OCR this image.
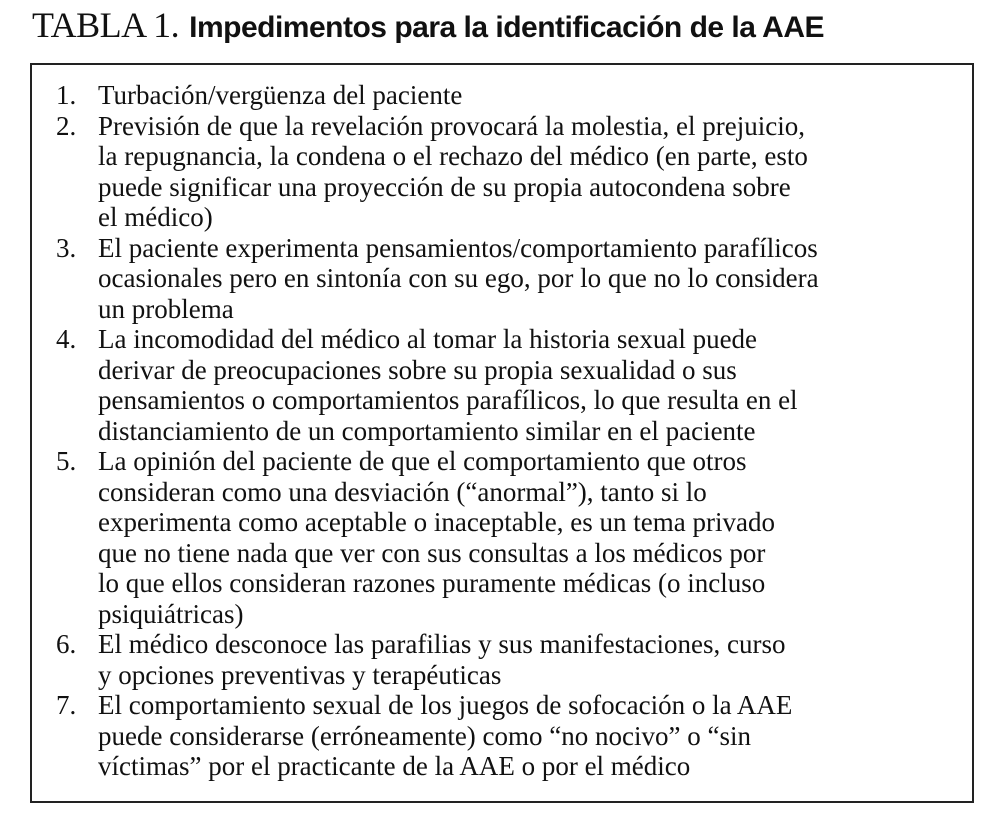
TABLA 1. Impedimentos para la identificación de la AAE
1. Turbación/vergüenza del paciente
2. Previsión de que la revelación provocará la molestia, el prejuicio,
la repugnancia, la condena o el rechazo del médico (en parte, esto
puede significar una proyección de su propia autocondena sobre
el médico)
3. El paciente experimenta pensamientos/comportamiento parafílicos
ocasionales pero en sintonía con su ego, por lo que no lo considera
un problema
4. La incomodidad del médico al tomar la historia sexual puede
derivar de preocupaciones sobre su propia sexualidad o sus
pensamientos o comportamientos parafílicos, lo que resulta en el
distanciamiento de un comportamiento similar en el paciente
5. La opinión del paciente de que el comportamiento que otros
consideran como una desviación (“anormal”), tanto si lo
experimenta como aceptable o inaceptable, es un tema privado
que no tiene nada que ver con sus consultas a los médicos por
lo que ellos consideran razones puramente médicas (o incluso
psiquiátricas)
6. El médico desconoce las parafilias y sus manifestaciones, curso
y opciones preventivas y terapéuticas
7. El comportamiento sexual de los juegos de sofocación o la AAE
puede considerarse (erróneamente) como “no nocivo” o “sin
víctimas” por el practicante de la AAE o por el médico
